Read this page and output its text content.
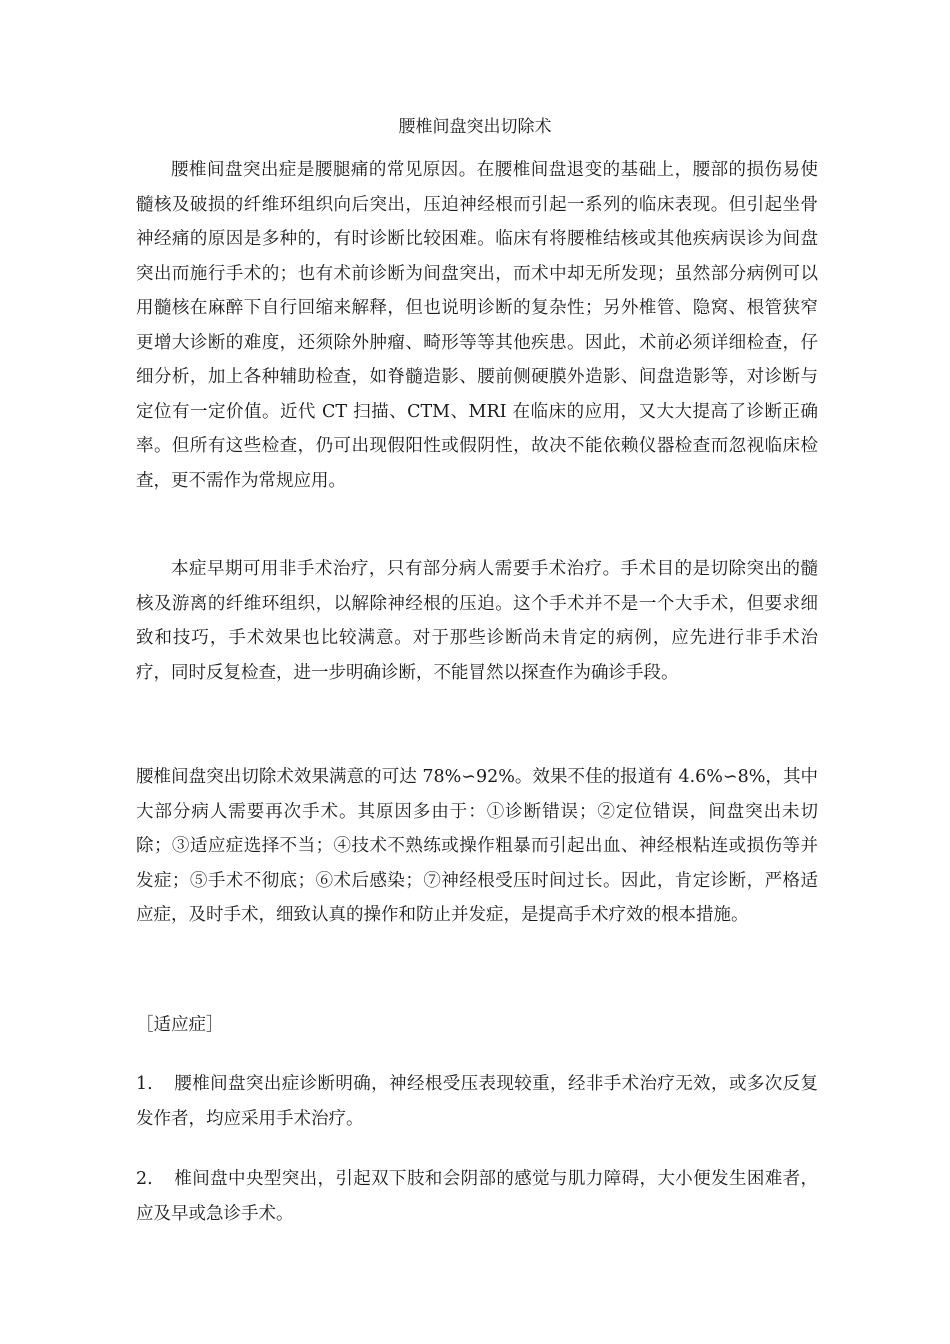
腰椎间盘突出切除术

腰椎间盘突出症是腰腿痛的常见原因。在腰椎间盘退变的基础上，腰部的损伤易使髓核及破损的纤维环组织向后突出，压迫神经根而引起一系列的临床表现。但引起坐骨神经痛的原因是多种的，有时诊断比较困难。临床有将腰椎结核或其他疾病误诊为间盘突出而施行手术的；也有术前诊断为间盘突出，而术中却无所发现；虽然部分病例可以用髓核在麻醉下自行回缩来解释，但也说明诊断的复杂性；另外椎管、隐窝、根管狭窄更增大诊断的难度，还须除外肿瘤、畸形等等其他疾患。因此，术前必须详细检查，仔细分析，加上各种辅助检查，如脊髓造影、腰前侧硬膜外造影、间盘造影等，对诊断与定位有一定价值。近代 CT 扫描、CTM、MRI 在临床的应用，又大大提高了诊断正确率。但所有这些检查，仍可出现假阳性或假阴性，故决不能依赖仪器检查而忽视临床检查，更不需作为常规应用。

本症早期可用非手术治疗，只有部分病人需要手术治疗。手术目的是切除突出的髓核及游离的纤维环组织，以解除神经根的压迫。这个手术并不是一个大手术，但要求细致和技巧，手术效果也比较满意。对于那些诊断尚未肯定的病例，应先进行非手术治疗，同时反复检查，进一步明确诊断，不能冒然以探查作为确诊手段。

腰椎间盘突出切除术效果满意的可达 78%∽92%。效果不佳的报道有 4.6%∽8%，其中大部分病人需要再次手术。其原因多由于：①诊断错误；②定位错误，间盘突出未切除；③适应症选择不当；④技术不熟练或操作粗暴而引起出血、神经根粘连或损伤等并发症；⑤手术不彻底；⑥术后感染；⑦神经根受压时间过长。因此，肯定诊断，严格适应症，及时手术，细致认真的操作和防止并发症，是提高手术疗效的根本措施。

［适应症］

1. 腰椎间盘突出症诊断明确，神经根受压表现较重，经非手术治疗无效，或多次反复发作者，均应采用手术治疗。

2. 椎间盘中央型突出，引起双下肢和会阴部的感觉与肌力障碍，大小便发生困难者，应及早或急诊手术。
